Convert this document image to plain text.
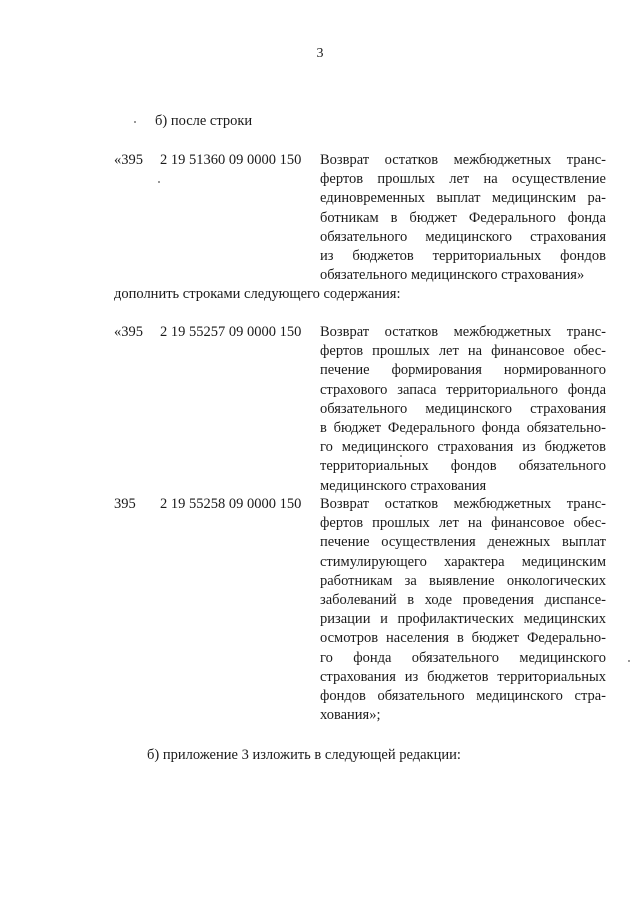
3
б) после строки
«395 2 19 51360 09 0000 150 Возврат остатков межбюджетных транс-
фертов прошлых лет на осуществление
единовременных выплат медицинским ра-
ботникам в бюджет Федерального фонда
обязательного медицинского страхования
из бюджетов территориальных фондов
обязательного медицинского страхования»
дополнить строками следующего содержания:
«395 2 19 55257 09 0000 150 Возврат остатков межбюджетных транс-
фертов прошлых лет на финансовое обес-
печение формирования нормированного
страхового запаса территориального фонда
обязательного медицинского страхования
в бюджет Федерального фонда обязательно-
го медицинского страхования из бюджетов
территориальных фондов обязательного
медицинского страхования
395 2 19 55258 09 0000 150 Возврат остатков межбюджетных транс-
фертов прошлых лет на финансовое обес-
печение осуществления денежных выплат
стимулирующего характера медицинским
работникам за выявление онкологических
заболеваний в ходе проведения диспансе-
ризации и профилактических медицинских
осмотров населения в бюджет Федерально-
го фонда обязательного медицинского
страхования из бюджетов территориальных
фондов обязательного медицинского стра-
хования»;
б) приложение 3 изложить в следующей редакции:
